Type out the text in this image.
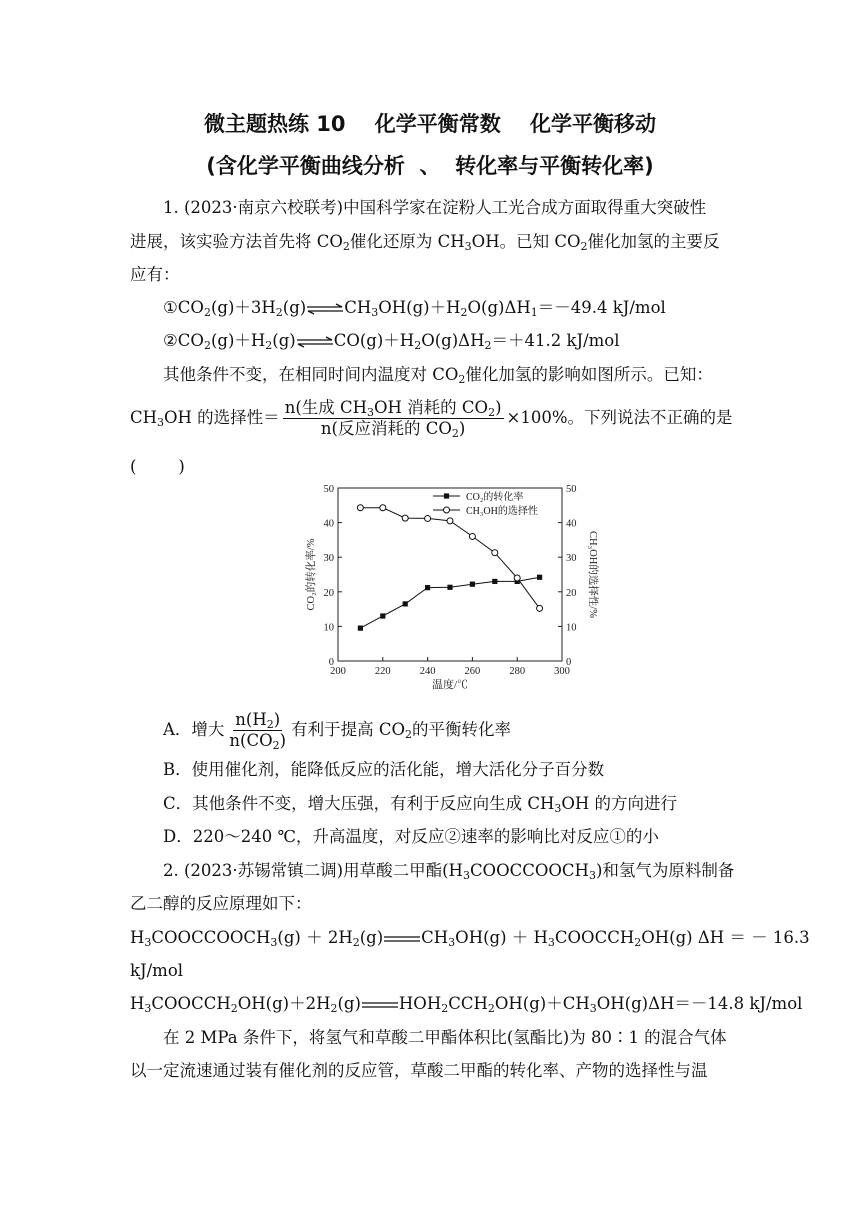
微主题热练 10    化学平衡常数    化学平衡移动
(含化学平衡曲线分析  、  转化率与平衡转化率)
1. (2023·南京六校联考)中国科学家在淀粉人工光合成方面取得重大突破性
进展，该实验方法首先将 $CO_2$催化还原为 $CH_3OH$。已知 $CO_2$催化加氢的主要反
应有：
$①CO_2(g)+3H_2(g)\rightleftharpoons CH_3OH(g)+H_2O(g)\Delta H_1=-49.4$ kJ/mol
$②CO_2(g)+H_2(g)\rightleftharpoons CO(g)+H_2O(g)\Delta H_2=+41.2$ kJ/mol
其他条件不变，在相同时间内温度对 $CO_2$催化加氢的影响如图所示。已知：
$CH_3OH$ 的选择性＝ $\frac{n(生成 CH_3OH 消耗的 CO_2)}{n(反应消耗的 CO_2)} \times 100\%$。下列说法不正确的是
(        )
200	220	240	260	280	300
0	0
10	10
20	20
30	30
40	40
50	50
温度/℃
CO₂的转化率/%	CH₃OH的选择性/%
CO₂的转化率
CH₃OH的选择性
A．增大 $\frac{n(H_2)}{n(CO_2)}$ 有利于提高 $CO_2$的平衡转化率
B．使用催化剂，能降低反应的活化能，增大活化分子百分数
C．其他条件不变，增大压强，有利于反应向生成 $CH_3OH$ 的方向进行
D．220～240 ℃，升高温度，对反应②速率的影响比对反应①的小
2. (2023·苏锡常镇二调)用草酸二甲酯$(H_3COOCCOOCH_3)$和氢气为原料制备
乙二醇的反应原理如下：
$H_3COOCCOOCH_3(g) + 2H_2(g) CH_3OH(g)$ ＋ $H_3COOCCH_2OH(g) \Delta H$ ＝ － 16.3
kJ/mol
$H_3COOCCH_2OH(g)+2H_2(g)$ $HOH_2CCH_2OH(g)+CH_3OH(g)\Delta H=-14.8$ kJ/mol
在 2 MPa 条件下，将氢气和草酸二甲酯体积比(氢酯比)为 80∶1 的混合气体
以一定流速通过装有催化剂的反应管，草酸二甲酯的转化率、产物的选择性与温
